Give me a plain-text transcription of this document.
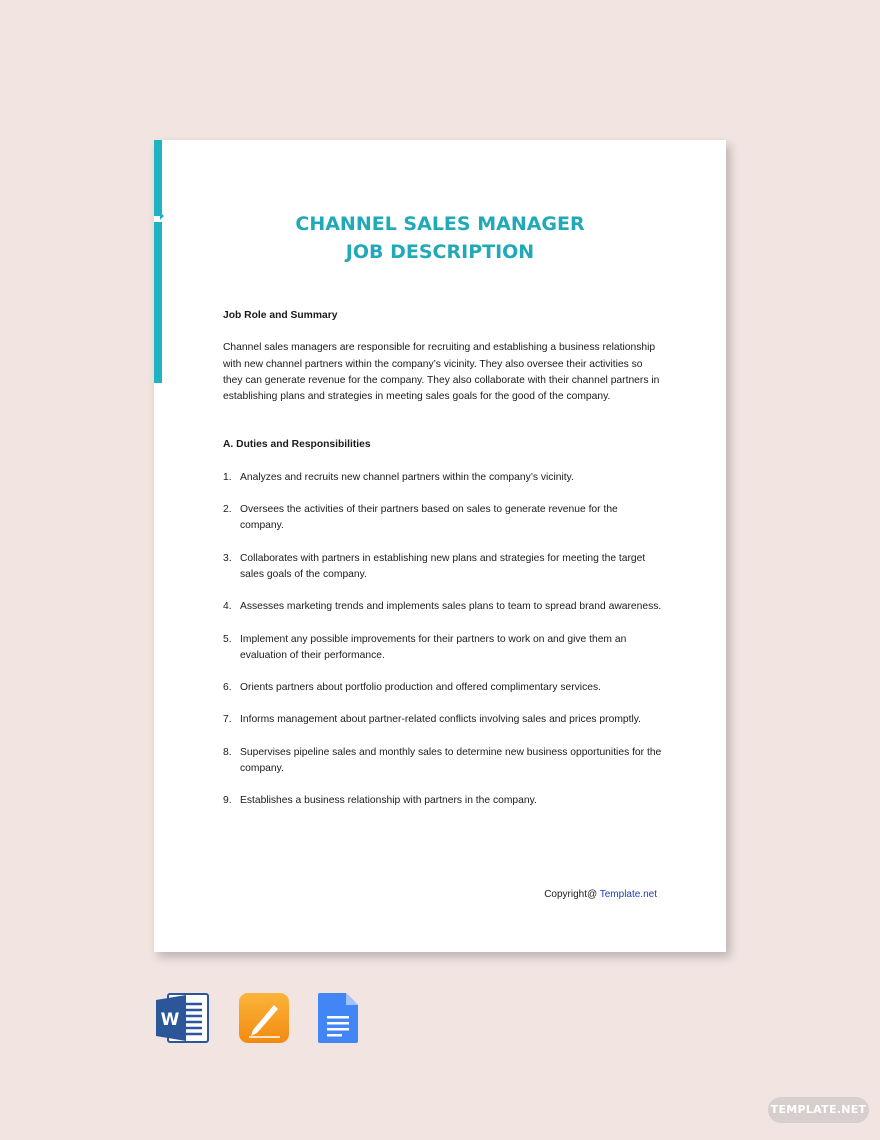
CHANNEL SALES MANAGER
JOB DESCRIPTION

Job Role and Summary

Channel sales managers are responsible for recruiting and establishing a business relationship with new channel partners within the company’s vicinity. They also oversee their activities so they can generate revenue for the company. They also collaborate with their channel partners in establishing plans and strategies in meeting sales goals for the good of the company.

A. Duties and Responsibilities

1. Analyzes and recruits new channel partners within the company’s vicinity.
2. Oversees the activities of their partners based on sales to generate revenue for the company.
3. Collaborates with partners in establishing new plans and strategies for meeting the target sales goals of the company.
4. Assesses marketing trends and implements sales plans to team to spread brand awareness.
5. Implement any possible improvements for their partners to work on and give them an evaluation of their performance.
6. Orients partners about portfolio production and offered complimentary services.
7. Informs management about partner-related conflicts involving sales and prices promptly.
8. Supervises pipeline sales and monthly sales to determine new business opportunities for the company.
9. Establishes a business relationship with partners in the company.
Copyright@ Template.net
W
TEMPLATE.NET
